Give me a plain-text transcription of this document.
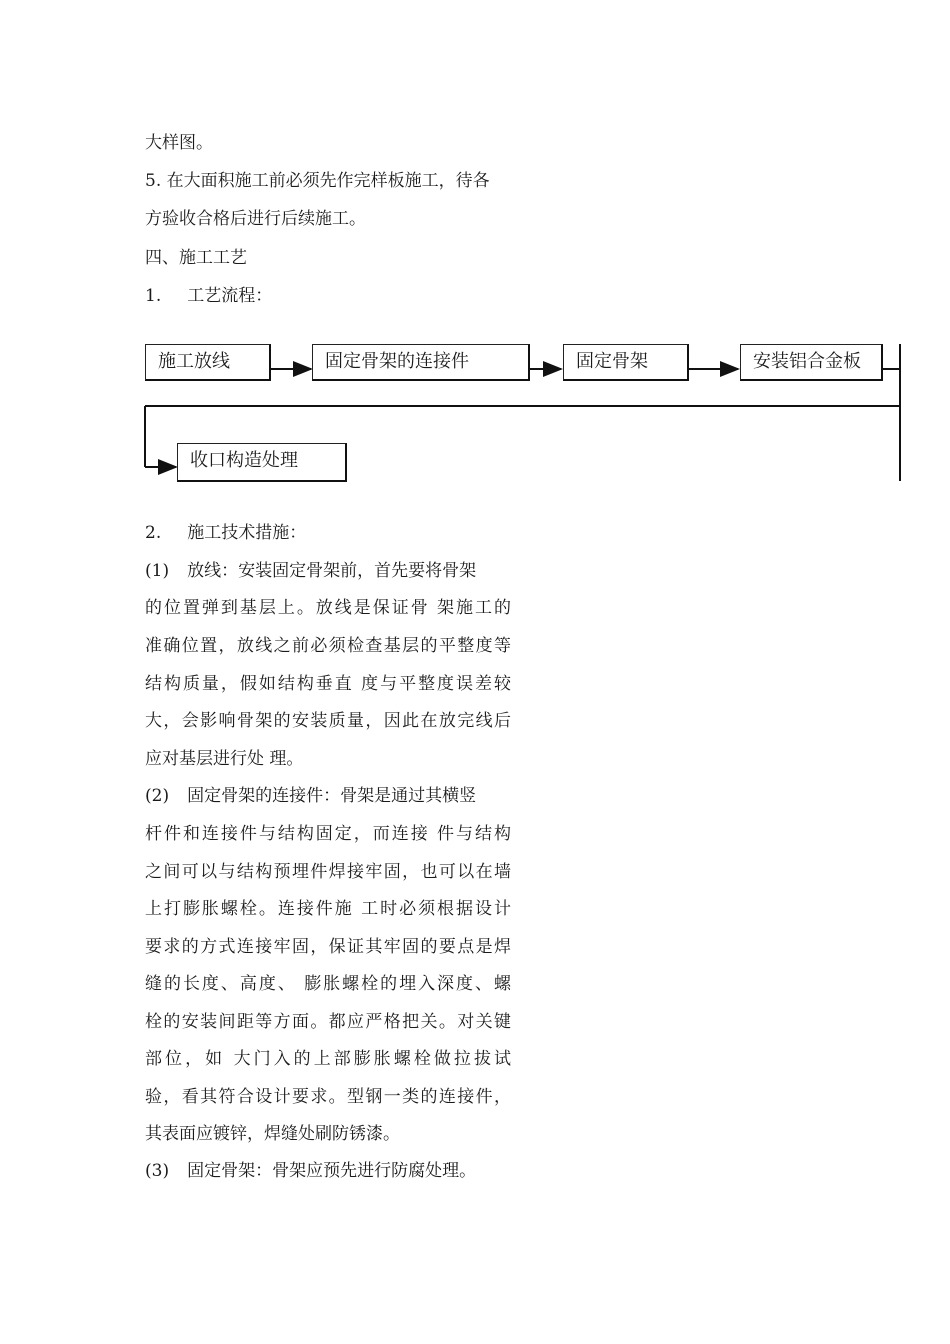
大样图。
5. 在大面积施工前必须先作完样板施工，待各
方验收合格后进行后续施工。
四、施工工艺
1. 工艺流程：
施工放线	固定骨架的连接件	固定骨架	安装铝合金板
收口构造处理
2. 施工技术措施：
(1) 放线：安装固定骨架前，首先要将骨架
的位置弹到基层上。放线是保证骨 架施工的
准确位置，放线之前必须检查基层的平整度等
结构质量，假如结构垂直 度与平整度误差较
大，会影响骨架的安装质量，因此在放完线后
应对基层进行处 理。
(2) 固定骨架的连接件：骨架是通过其横竖
杆件和连接件与结构固定，而连接 件与结构
之间可以与结构预埋件焊接牢固，也可以在墙
上打膨胀螺栓。连接件施 工时必须根据设计
要求的方式连接牢固，保证其牢固的要点是焊
缝的长度、高度、 膨胀螺栓的埋入深度、螺
栓的安装间距等方面。都应严格把关。对关键
部位，如 大门入的上部膨胀螺栓做拉拔试
验，看其符合设计要求。型钢一类的连接件，
其表面应镀锌，焊缝处刷防锈漆。
(3) 固定骨架：骨架应预先进行防腐处理。
